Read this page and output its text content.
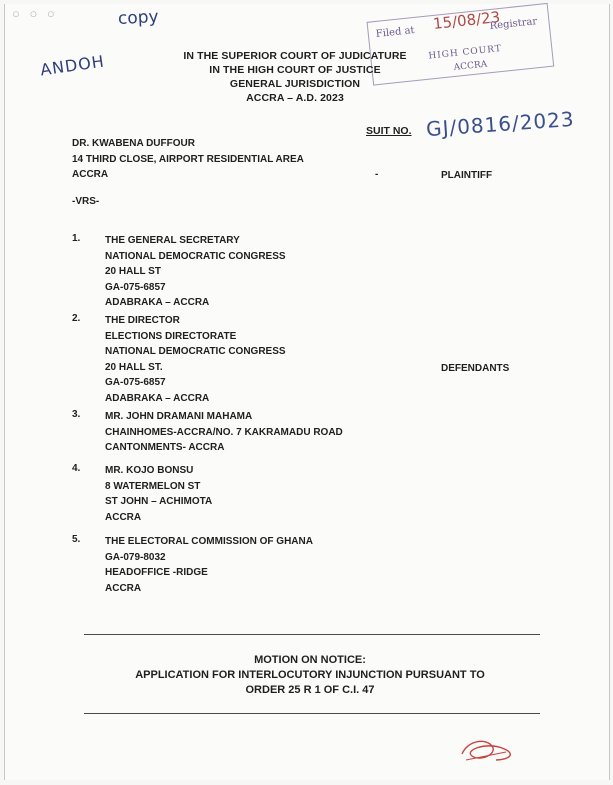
○ ○ ○	copy
ANDOH
Filed at 15/08/23
Registrar
HIGH COURT
ACCRA
IN THE SUPERIOR COURT OF JUDICATURE
IN THE HIGH COURT OF JUSTICE
GENERAL JURISDICTION
ACCRA – A.D. 2023
SUIT NO. GJ/0816/2023
DR. KWABENA DUFFOUR
14 THIRD CLOSE, AIRPORT RESIDENTIAL AREA
ACCRA	-	PLAINTIFF
-VRS-
1. THE GENERAL SECRETARY
NATIONAL DEMOCRATIC CONGRESS
20 HALL ST
GA-075-6857
ADABRAKA – ACCRA
2. THE DIRECTOR
ELECTIONS DIRECTORATE
NATIONAL DEMOCRATIC CONGRESS
20 HALL ST.
GA-075-6857
ADABRAKA – ACCRA
DEFENDANTS
3. MR. JOHN DRAMANI MAHAMA
CHAINHOMES-ACCRA/NO. 7 KAKRAMADU ROAD
CANTONMENTS- ACCRA
4. MR. KOJO BONSU
8 WATERMELON ST
ST JOHN – ACHIMOTA
ACCRA
5. THE ELECTORAL COMMISSION OF GHANA
GA-079-8032
HEADOFFICE -RIDGE
ACCRA
MOTION ON NOTICE:
APPLICATION FOR INTERLOCUTORY INJUNCTION PURSUANT TO
ORDER 25 R 1 OF C.I. 47
